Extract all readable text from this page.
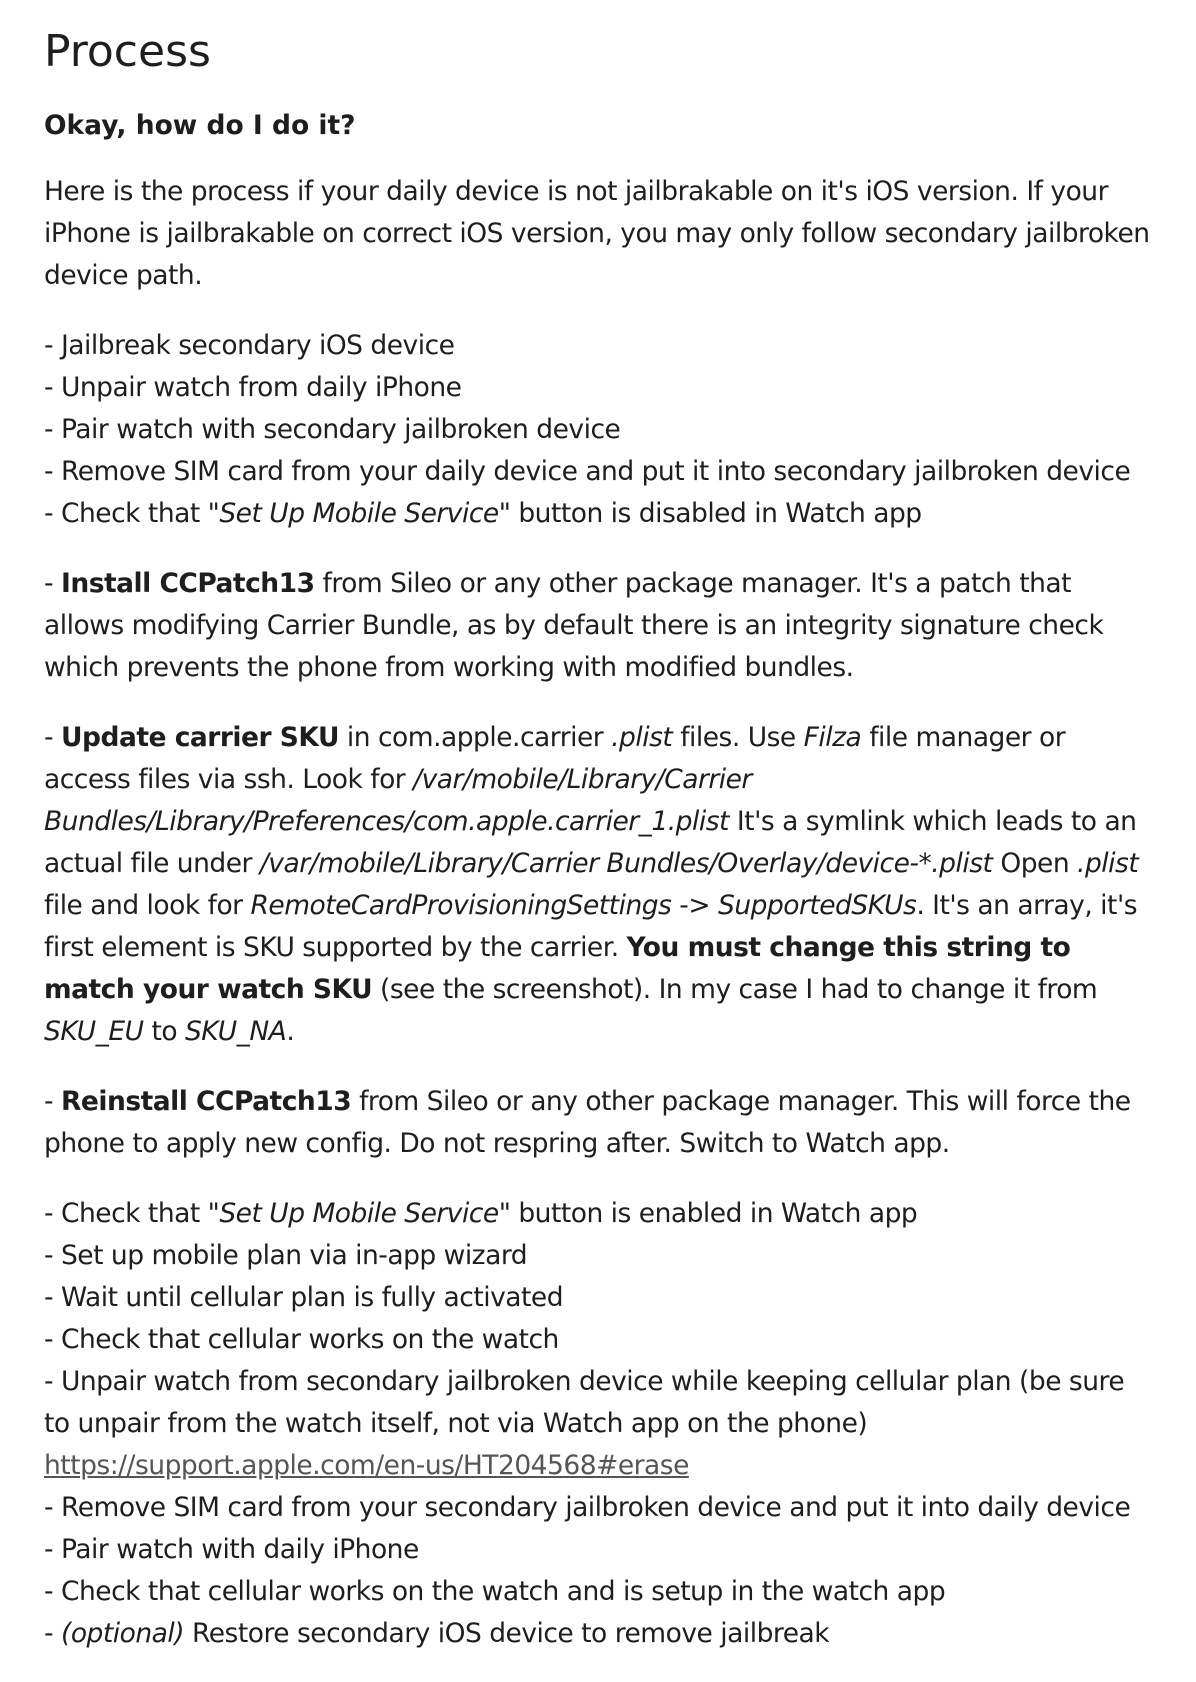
Process
Okay, how do I do it?

Here is the process if your daily device is not jailbrakable on it's iOS version. If your iPhone is jailbrakable on correct iOS version, you may only follow secondary jailbroken device path.

- Jailbreak secondary iOS device
- Unpair watch from daily iPhone
- Pair watch with secondary jailbroken device
- Remove SIM card from your daily device and put it into secondary jailbroken device
- Check that "Set Up Mobile Service" button is disabled in Watch app

- Install CCPatch13 from Sileo or any other package manager. It's a patch that allows modifying Carrier Bundle, as by default there is an integrity signature check which prevents the phone from working with modified bundles.

- Update carrier SKU in com.apple.carrier .plist files. Use Filza file manager or access files via ssh. Look for /var/mobile/Library/Carrier Bundles/Library/Preferences/com.apple.carrier_1.plist It's a symlink which leads to an actual file under /var/mobile/Library/Carrier Bundles/Overlay/device-*.plist Open .plist file and look for RemoteCardProvisioningSettings -> SupportedSKUs. It's an array, it's first element is SKU supported by the carrier. You must change this string to match your watch SKU (see the screenshot). In my case I had to change it from SKU_EU to SKU_NA.

- Reinstall CCPatch13 from Sileo or any other package manager. This will force the phone to apply new config. Do not respring after. Switch to Watch app.

- Check that "Set Up Mobile Service" button is enabled in Watch app
- Set up mobile plan via in-app wizard
- Wait until cellular plan is fully activated
- Check that cellular works on the watch
- Unpair watch from secondary jailbroken device while keeping cellular plan (be sure to unpair from the watch itself, not via Watch app on the phone)
https://support.apple.com/en-us/HT204568#erase
- Remove SIM card from your secondary jailbroken device and put it into daily device
- Pair watch with daily iPhone
- Check that cellular works on the watch and is setup in the watch app
- (optional) Restore secondary iOS device to remove jailbreak
